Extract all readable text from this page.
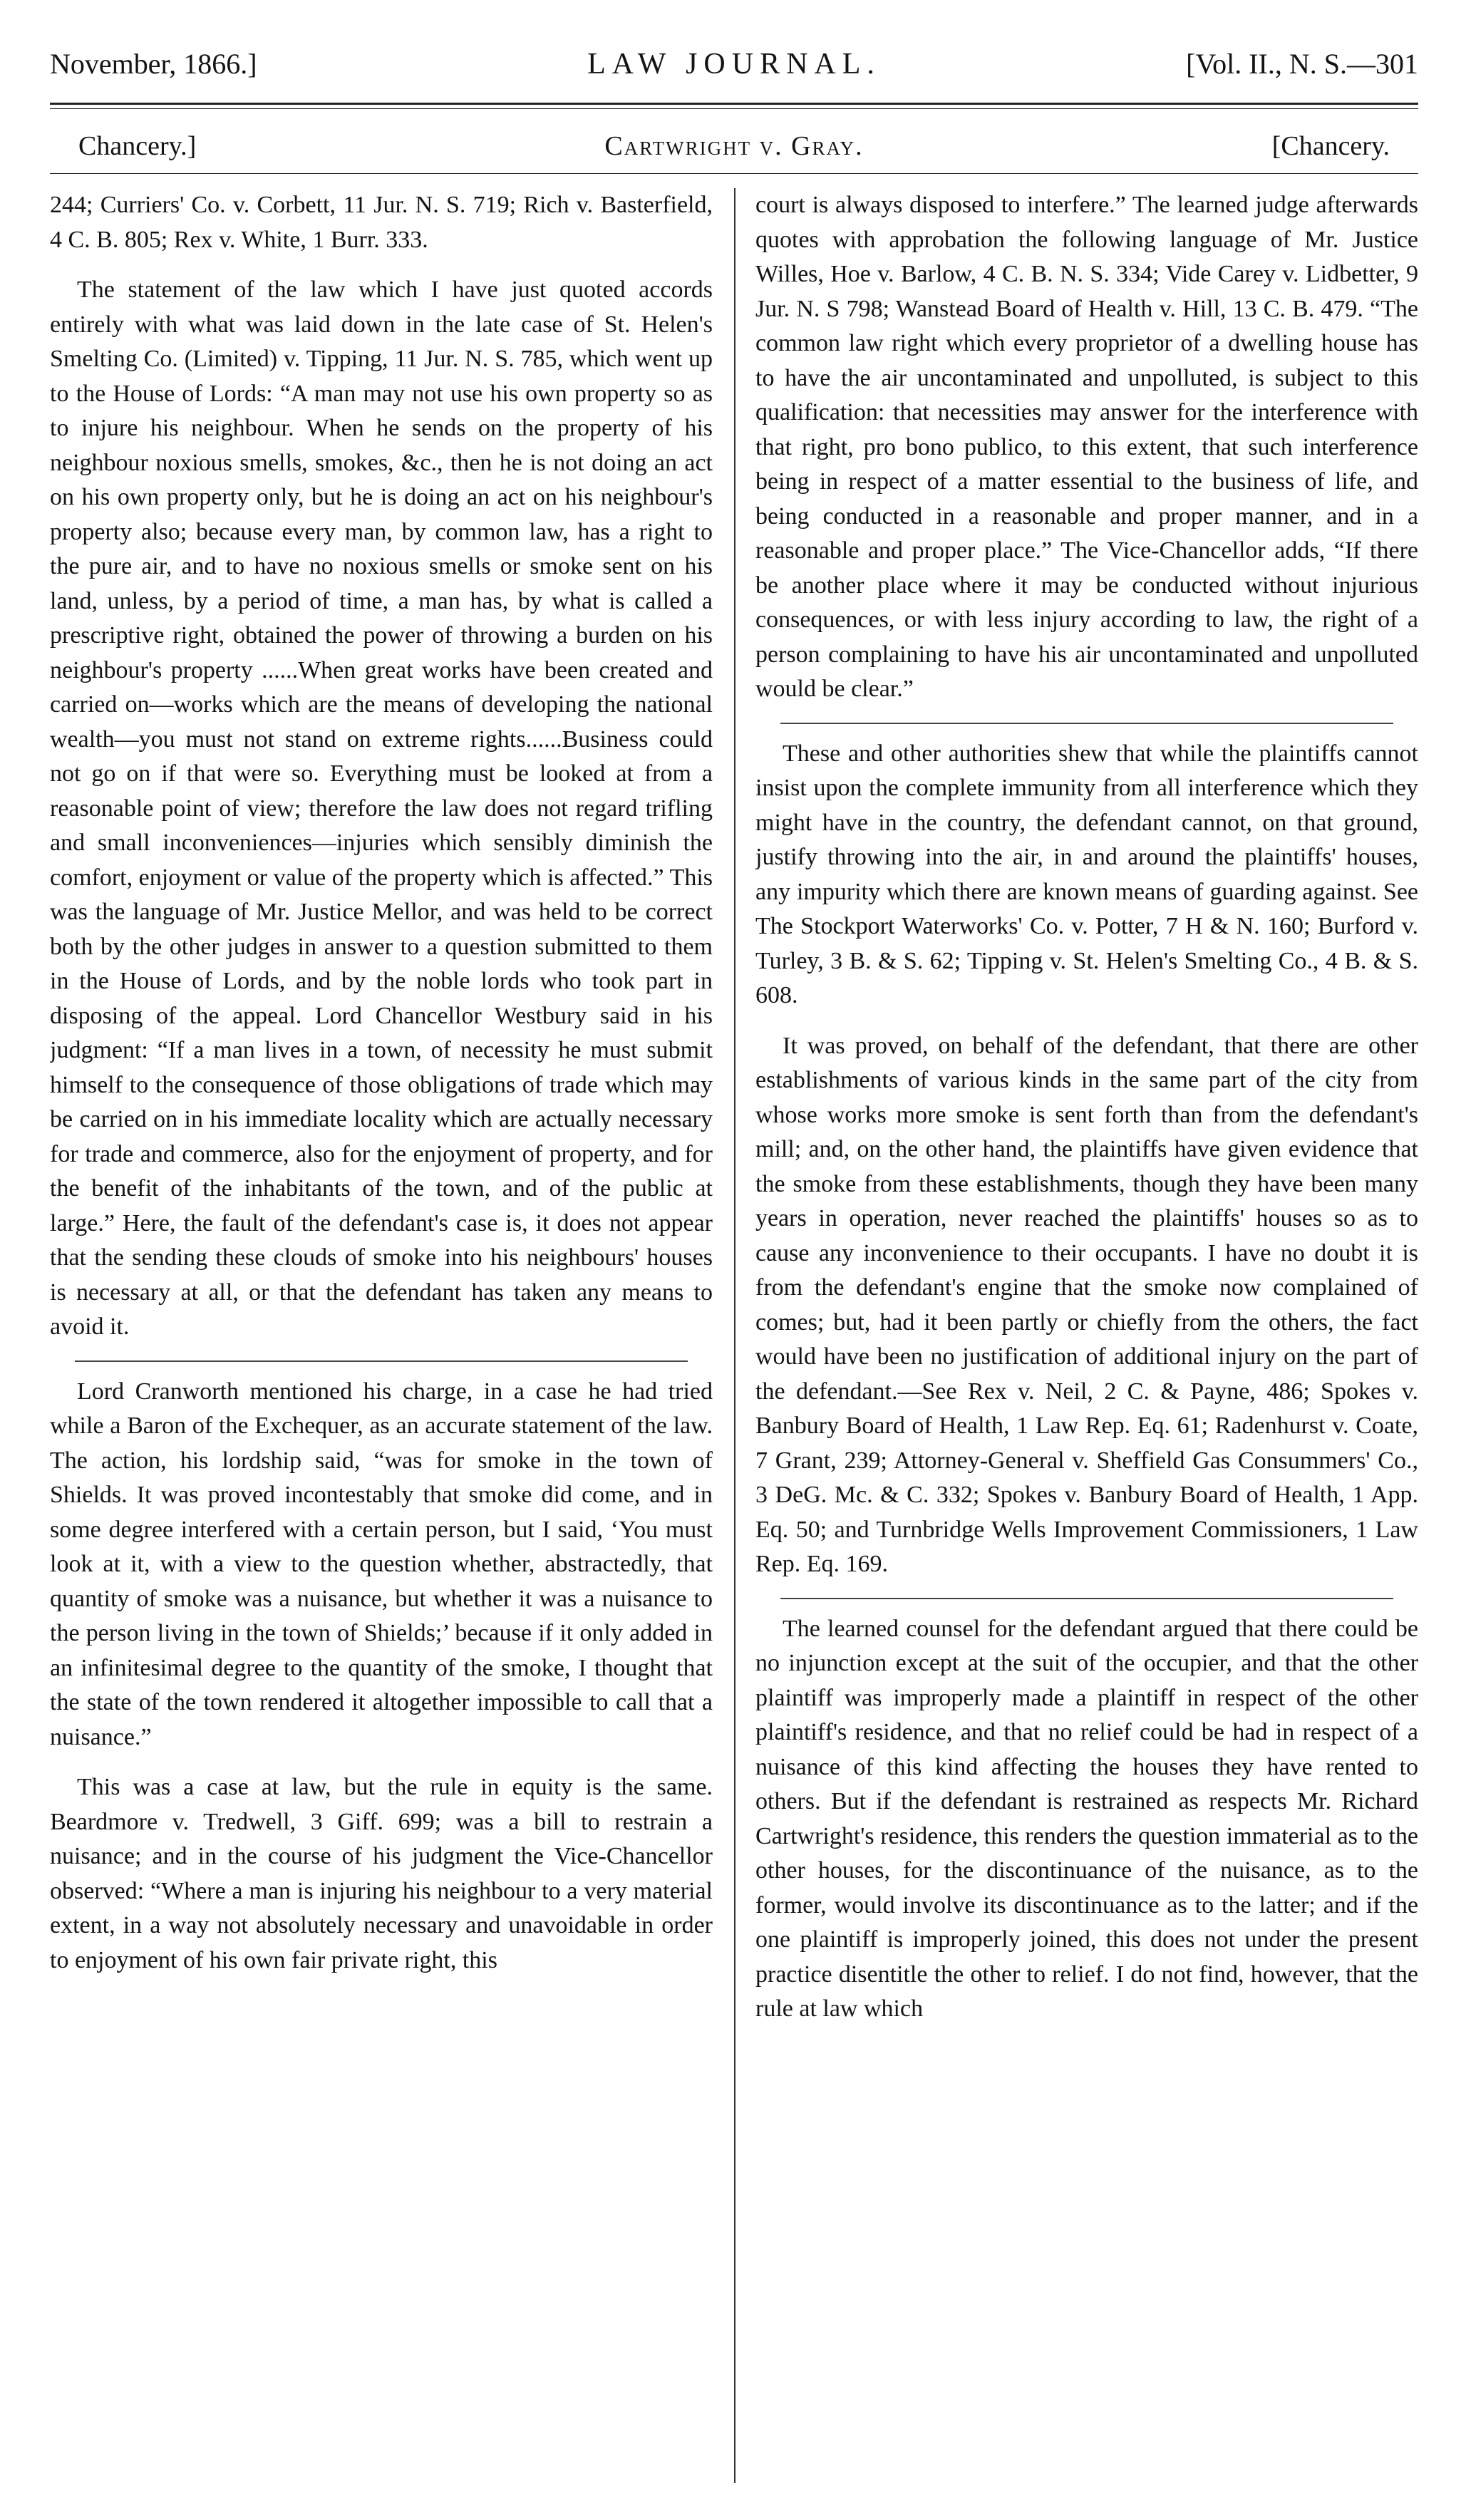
November, 1866.]	LAW JOURNAL.	[Vol. II., N. S.—301
Chancery.]	Cartwright v. Gray.	[Chancery.

244; Curriers' Co. v. Corbett, 11 Jur. N. S. 719; Rich v. Basterfield, 4 C. B. 805; Rex v. White, 1 Burr. 333.

The statement of the law which I have just quoted accords entirely with what was laid down in the late case of St. Helen's Smelting Co. (Limited) v. Tipping, 11 Jur. N. S. 785, which went up to the House of Lords: “A man may not use his own property so as to injure his neighbour. When he sends on the property of his neighbour noxious smells, smokes, &c., then he is not doing an act on his own property only, but he is doing an act on his neighbour's property also; because every man, by common law, has a right to the pure air, and to have no noxious smells or smoke sent on his land, unless, by a period of time, a man has, by what is called a prescriptive right, obtained the power of throwing a burden on his neighbour's property ......When great works have been created and carried on—works which are the means of developing the national wealth—you must not stand on extreme rights......Business could not go on if that were so. Everything must be looked at from a reasonable point of view; therefore the law does not regard trifling and small inconveniences—injuries which sensibly diminish the comfort, enjoyment or value of the property which is affected.” This was the language of Mr. Justice Mellor, and was held to be correct both by the other judges in answer to a question submitted to them in the House of Lords, and by the noble lords who took part in disposing of the appeal. Lord Chancellor Westbury said in his judgment: “If a man lives in a town, of necessity he must submit himself to the consequence of those obligations of trade which may be carried on in his immediate locality which are actually necessary for trade and commerce, also for the enjoyment of property, and for the benefit of the inhabitants of the town, and of the public at large.” Here, the fault of the defendant's case is, it does not appear that the sending these clouds of smoke into his neighbours' houses is necessary at all, or that the defendant has taken any means to avoid it.

Lord Cranworth mentioned his charge, in a case he had tried while a Baron of the Exchequer, as an accurate statement of the law. The action, his lordship said, “was for smoke in the town of Shields. It was proved incontestably that smoke did come, and in some degree interfered with a certain person, but I said, ‘You must look at it, with a view to the question whether, abstractedly, that quantity of smoke was a nuisance, but whether it was a nuisance to the person living in the town of Shields;’ because if it only added in an infinitesimal degree to the quantity of the smoke, I thought that the state of the town rendered it altogether impossible to call that a nuisance.”

This was a case at law, but the rule in equity is the same. Beardmore v. Tredwell, 3 Giff. 699; was a bill to restrain a nuisance; and in the course of his judgment the Vice-Chancellor observed: “Where a man is injuring his neighbour to a very material extent, in a way not absolutely necessary and unavoidable in order to enjoyment of his own fair private right, this

court is always disposed to interfere.” The learned judge afterwards quotes with approbation the following language of Mr. Justice Willes, Hoe v. Barlow, 4 C. B. N. S. 334; Vide Carey v. Lidbetter, 9 Jur. N. S 798; Wanstead Board of Health v. Hill, 13 C. B. 479. “The common law right which every proprietor of a dwelling house has to have the air uncontaminated and unpolluted, is subject to this qualification: that necessities may answer for the interference with that right, pro bono publico, to this extent, that such interference being in respect of a matter essential to the business of life, and being conducted in a reasonable and proper manner, and in a reasonable and proper place.” The Vice-Chancellor adds, “If there be another place where it may be conducted without injurious consequences, or with less injury according to law, the right of a person complaining to have his air uncontaminated and unpolluted would be clear.”

These and other authorities shew that while the plaintiffs cannot insist upon the complete immunity from all interference which they might have in the country, the defendant cannot, on that ground, justify throwing into the air, in and around the plaintiffs' houses, any impurity which there are known means of guarding against. See The Stockport Waterworks' Co. v. Potter, 7 H & N. 160; Burford v. Turley, 3 B. & S. 62; Tipping v. St. Helen's Smelting Co., 4 B. & S. 608.

It was proved, on behalf of the defendant, that there are other establishments of various kinds in the same part of the city from whose works more smoke is sent forth than from the defendant's mill; and, on the other hand, the plaintiffs have given evidence that the smoke from these establishments, though they have been many years in operation, never reached the plaintiffs' houses so as to cause any inconvenience to their occupants. I have no doubt it is from the defendant's engine that the smoke now complained of comes; but, had it been partly or chiefly from the others, the fact would have been no justification of additional injury on the part of the defendant.—See Rex v. Neil, 2 C. & Payne, 486; Spokes v. Banbury Board of Health, 1 Law Rep. Eq. 61; Radenhurst v. Coate, 7 Grant, 239; Attorney-General v. Sheffield Gas Consummers' Co., 3 DeG. Mc. & C. 332; Spokes v. Banbury Board of Health, 1 App. Eq. 50; and Turnbridge Wells Improvement Commissioners, 1 Law Rep. Eq. 169.

The learned counsel for the defendant argued that there could be no injunction except at the suit of the occupier, and that the other plaintiff was improperly made a plaintiff in respect of the other plaintiff's residence, and that no relief could be had in respect of a nuisance of this kind affecting the houses they have rented to others. But if the defendant is restrained as respects Mr. Richard Cartwright's residence, this renders the question immaterial as to the other houses, for the discontinuance of the nuisance, as to the former, would involve its discontinuance as to the latter; and if the one plaintiff is improperly joined, this does not under the present practice disentitle the other to relief. I do not find, however, that the rule at law which
